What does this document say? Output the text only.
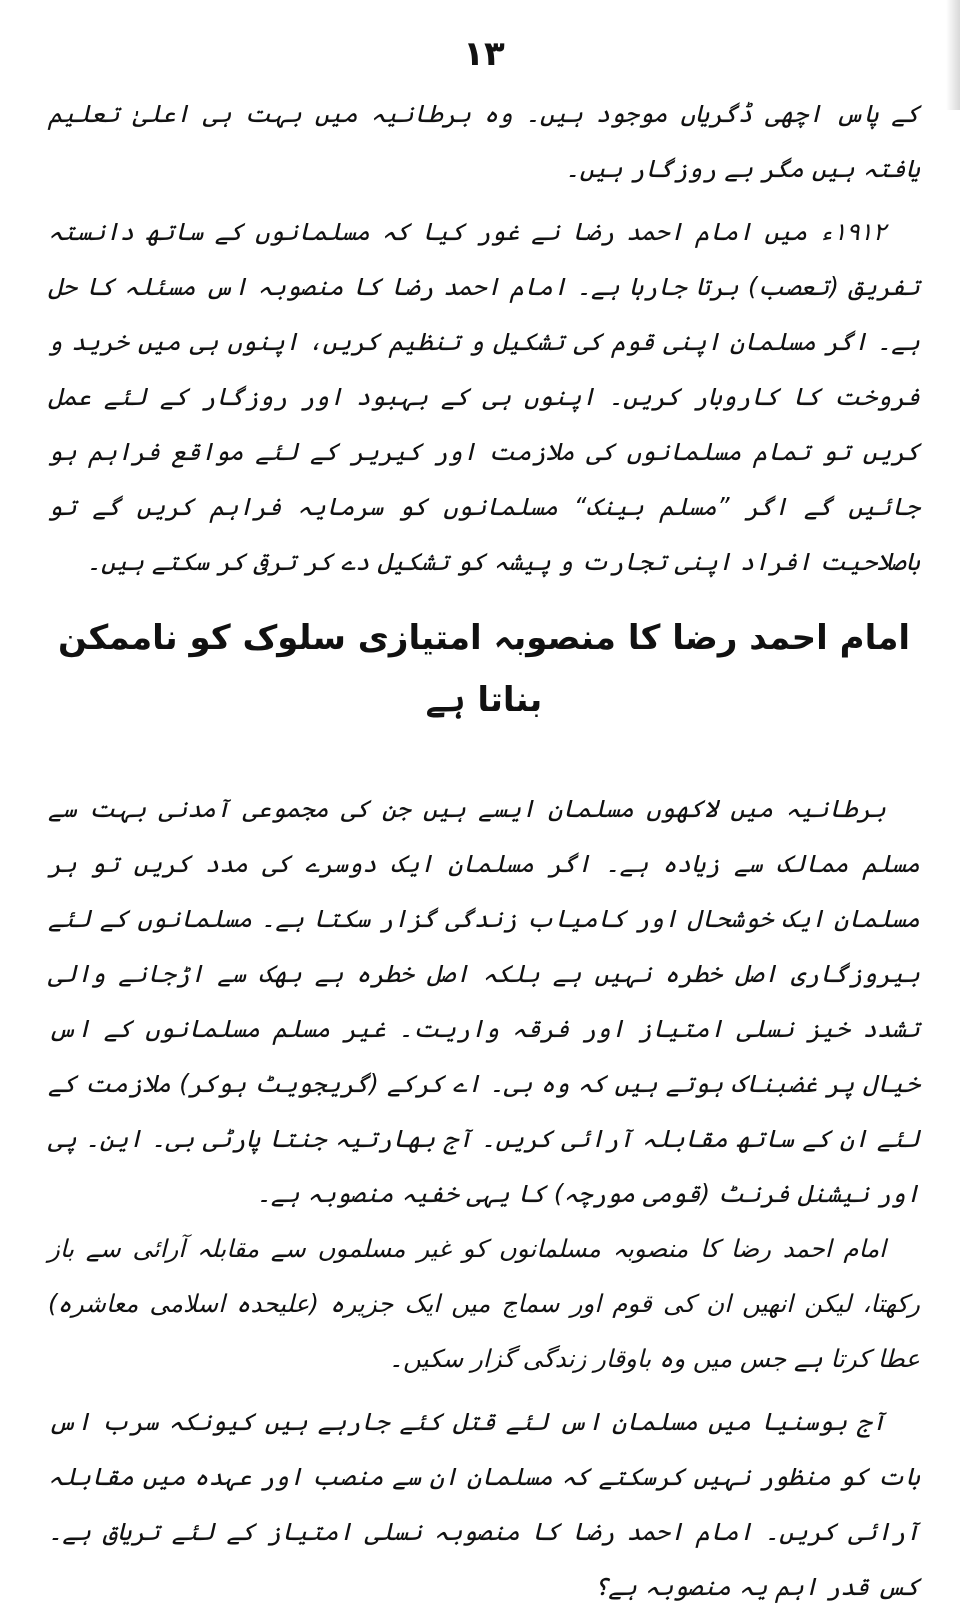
۱۳

کے پاس اچھی ڈگریاں موجود ہیں۔ وہ برطانیہ میں بہت ہی اعلیٰ تعلیم یافتہ ہیں مگر بے روزگار ہیں۔

۱۹۱۲ء میں امام احمد رضا نے غور کیا کہ مسلمانوں کے ساتھ دانستہ تفریق (تعصب) برتا جارہا ہے۔ امام احمد رضا کا منصوبہ اس مسئلہ کا حل ہے۔ اگر مسلمان اپنی قوم کی تشکیل و تنظیم کریں، اپنوں ہی میں خرید و فروخت کا کاروبار کریں۔ اپنوں ہی کے بہبود اور روزگار کے لئے عمل کریں تو تمام مسلمانوں کی ملازمت اور کیریر کے لئے مواقع فراہم ہو جائیں گے اگر ”مسلم بینک“ مسلمانوں کو سرمایہ فراہم کریں گے تو باصلاحیت افراد اپنی تجارت و پیشہ کو تشکیل دے کر ترقی کر سکتے ہیں۔

امام احمد رضا کا منصوبہ امتیازی سلوک کو ناممکن بناتا ہے

برطانیہ میں لاکھوں مسلمان ایسے ہیں جن کی مجموعی آمدنی بہت سے مسلم ممالک سے زیادہ ہے۔ اگر مسلمان ایک دوسرے کی مدد کریں تو ہر مسلمان ایک خوشحال اور کامیاب زندگی گزار سکتا ہے۔ مسلمانوں کے لئے بیروزگاری اصل خطرہ نہیں ہے بلکہ اصل خطرہ ہے بھک سے اڑجانے والی تشدد خیز نسلی امتیاز اور فرقہ واریت۔ غیر مسلم مسلمانوں کے اس خیال پر غضبناک ہوتے ہیں کہ وہ بی۔ اے کرکے (گریجویٹ ہوکر) ملازمت کے لئے ان کے ساتھ مقابلہ آرائی کریں۔ آج بھارتیہ جنتا پارٹی بی۔ این۔ پی اور نیشنل فرنٹ (قومی مورچہ) کا یہی خفیہ منصوبہ ہے۔

امام احمد رضا کا منصوبہ مسلمانوں کو غیر مسلموں سے مقابلہ آرائی سے باز رکھتا، لیکن انھیں ان کی قوم اور سماج میں ایک جزیرہ (علیحدہ اسلامی معاشرہ) عطا کرتا ہے جس میں وہ باوقار زندگی گزار سکیں۔

آج بوسنیا میں مسلمان اس لئے قتل کئے جارہے ہیں کیونکہ سرب اس بات کو منظور نہیں کرسکتے کہ مسلمان ان سے منصب اور عہدہ میں مقابلہ آرائی کریں۔ امام احمد رضا کا منصوبہ نسلی امتیاز کے لئے تریاق ہے۔ کس قدر اہم یہ منصوبہ ہے؟
